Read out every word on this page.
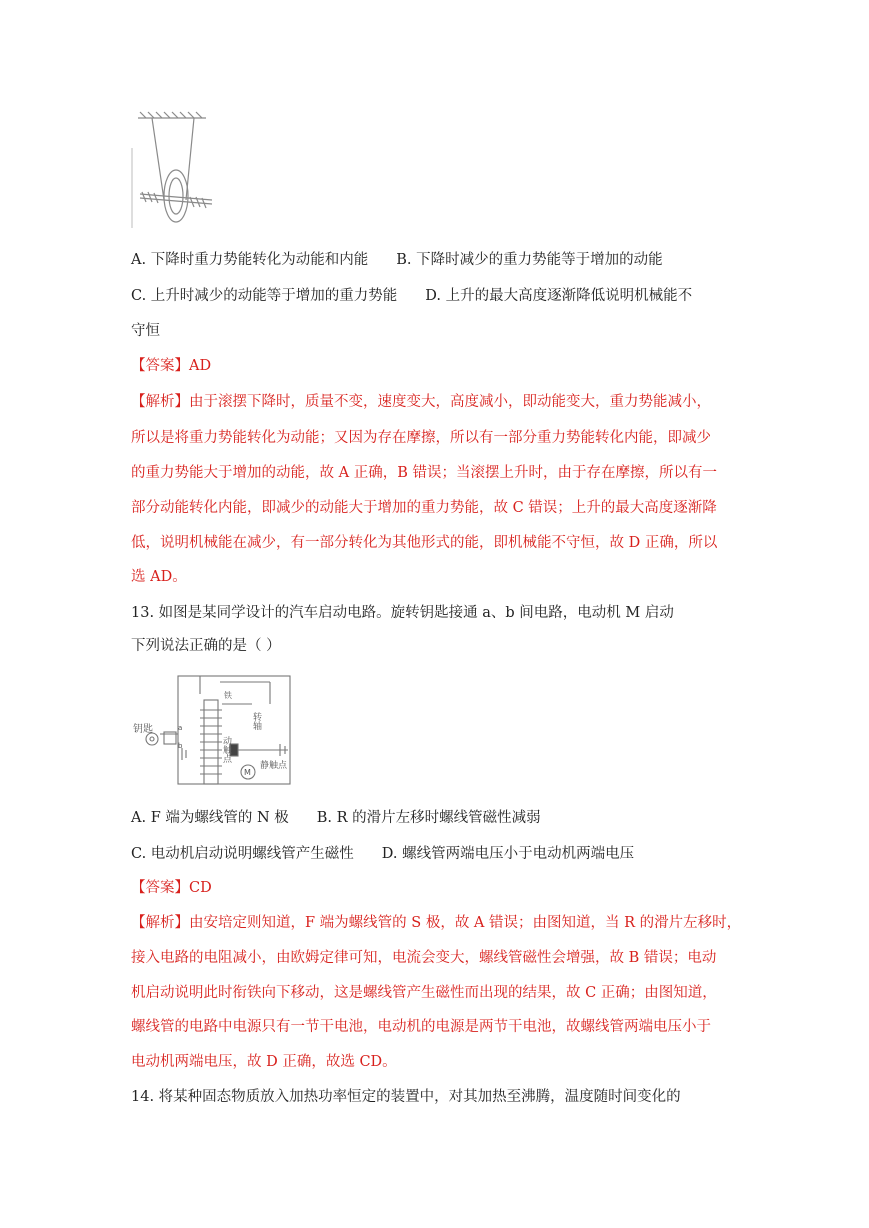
A. 下降时重力势能转化为动能和内能 B. 下降时减少的重力势能等于增加的动能
C. 上升时减少的动能等于增加的重力势能 D. 上升的最大高度逐渐降低说明机械能不
守恒
【答案】AD
【解析】由于滚摆下降时，质量不变，速度变大，高度减小，即动能变大，重力势能减小，
所以是将重力势能转化为动能；又因为存在摩擦，所以有一部分重力势能转化内能，即减少
的重力势能大于增加的动能，故 A 正确，B 错误；当滚摆上升时，由于存在摩擦，所以有一
部分动能转化内能，即减少的动能大于增加的重力势能，故 C 错误；上升的最大高度逐渐降
低，说明机械能在减少，有一部分转化为其他形式的能，即机械能不守恒，故 D 正确，所以
选 AD。
13. 如图是某同学设计的汽车启动电路。旋转钥匙接通 a、b 间电路，电动机 M 启动
下列说法正确的是（ ）
钥匙	a
b
铁
转轴
动触点
静触点
M
A. F 端为螺线管的 N 极 B. R 的滑片左移时螺线管磁性减弱
C. 电动机启动说明螺线管产生磁性 D. 螺线管两端电压小于电动机两端电压
【答案】CD
【解析】由安培定则知道，F 端为螺线管的 S 极，故 A 错误；由图知道，当 R 的滑片左移时，
接入电路的电阻减小，由欧姆定律可知，电流会变大，螺线管磁性会增强，故 B 错误；电动
机启动说明此时衔铁向下移动，这是螺线管产生磁性而出现的结果，故 C 正确；由图知道，
螺线管的电路中电源只有一节干电池，电动机的电源是两节干电池，故螺线管两端电压小于
电动机两端电压，故 D 正确，故选 CD。
14. 将某种固态物质放入加热功率恒定的装置中，对其加热至沸腾，温度随时间变化的
